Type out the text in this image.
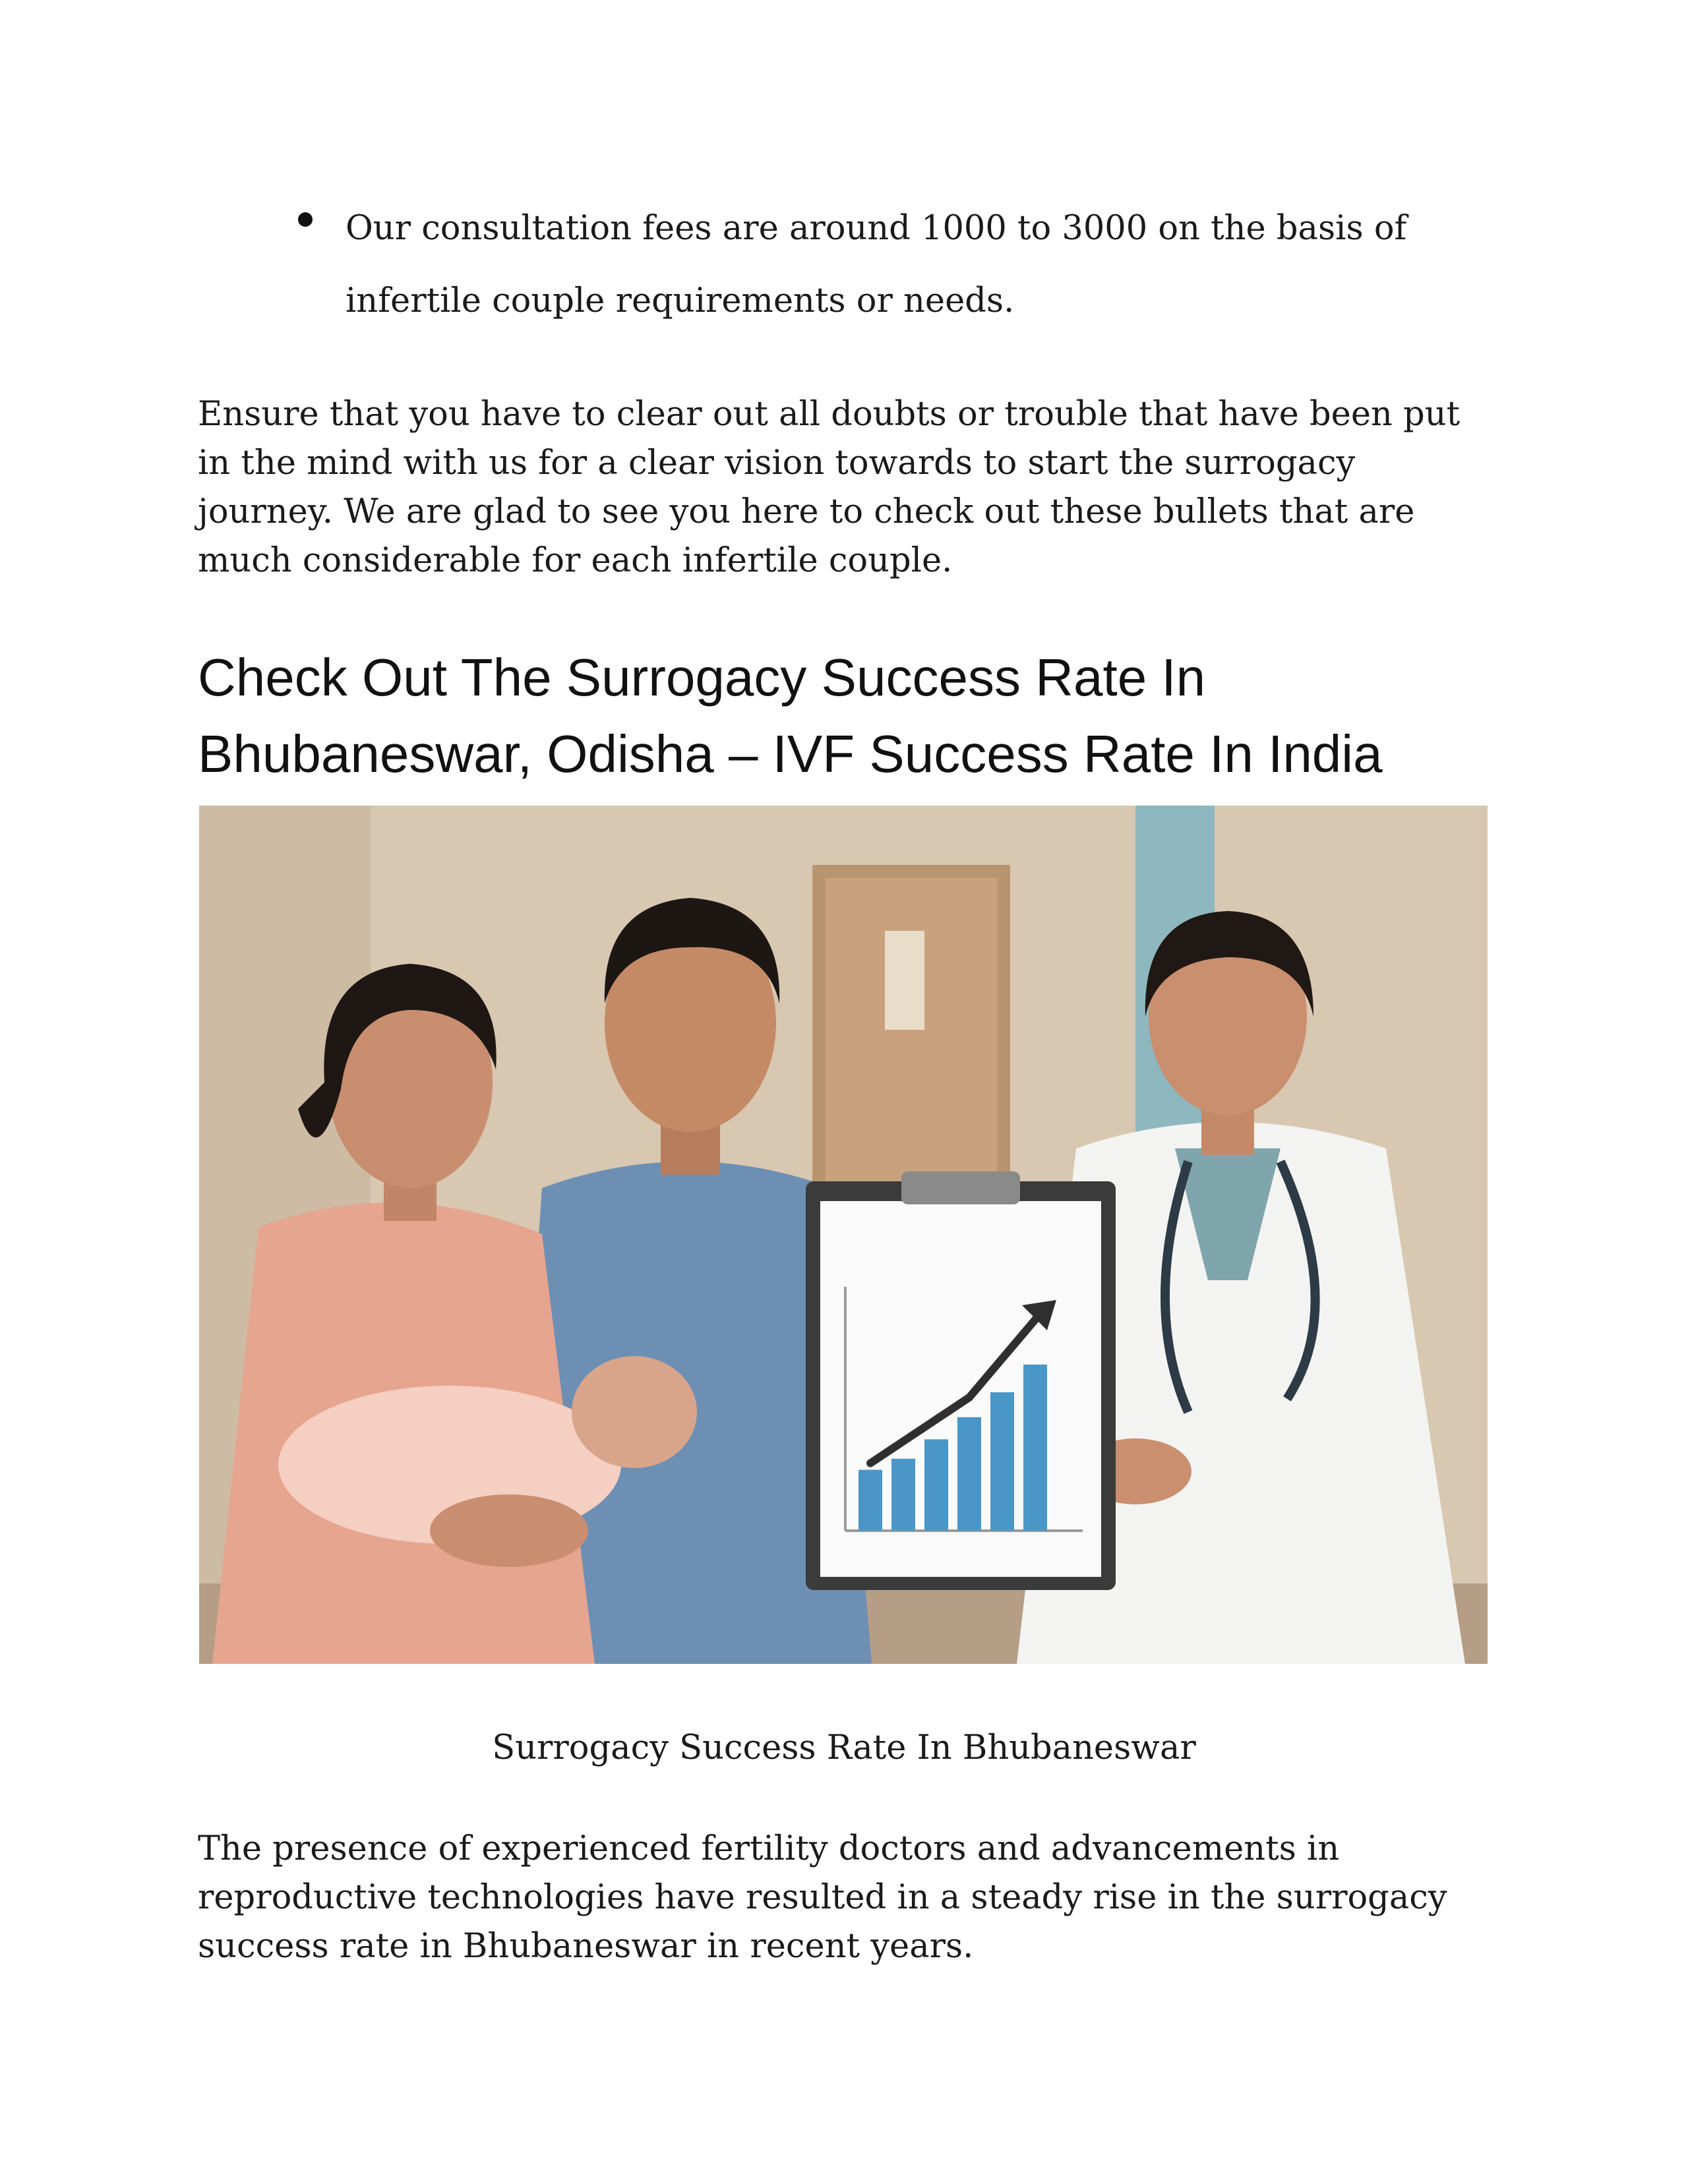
Our consultation fees are around 1000 to 3000 on the basis of
infertile couple requirements or needs.

Ensure that you have to clear out all doubts or trouble that have been put in the mind with us for a clear vision towards to start the surrogacy journey. We are glad to see you here to check out these bullets that are much considerable for each infertile couple.

Check Out The Surrogacy Success Rate In
Bhubaneswar, Odisha – IVF Success Rate In India
Surrogacy Success Rate In Bhubaneswar

The presence of experienced fertility doctors and advancements in reproductive technologies have resulted in a steady rise in the surrogacy success rate in Bhubaneswar in recent years.
